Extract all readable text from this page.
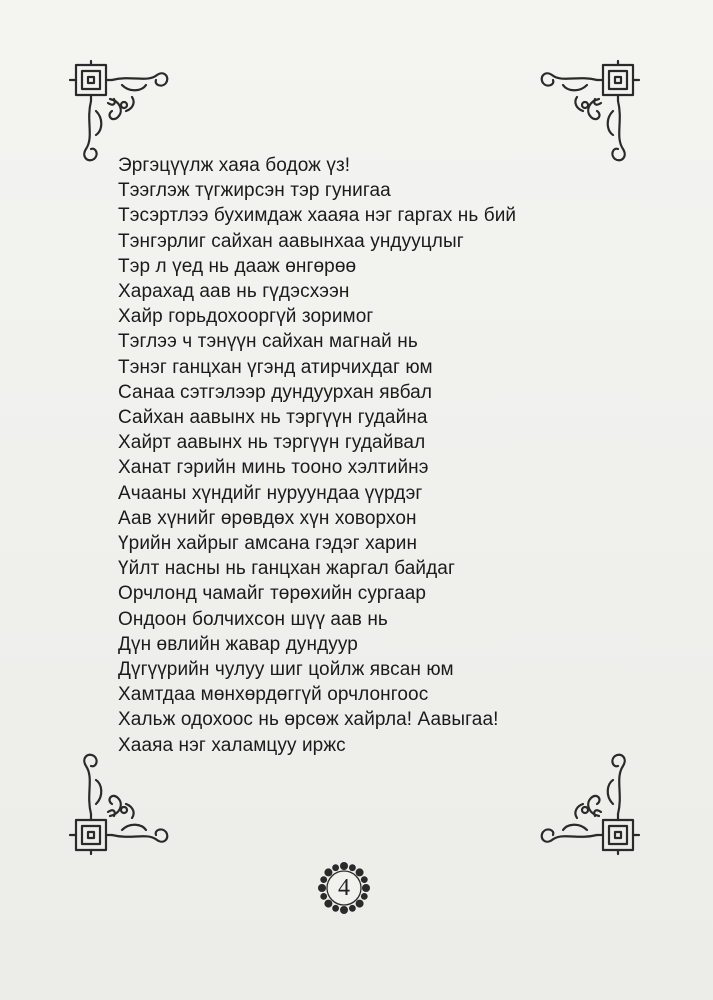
Эргэцүүлж хаяа бодож үз!
Тээглэж түгжирсэн тэр гунигаа
Тэсэртлээ бухимдаж хааяа нэг гаргах нь бий
Тэнгэрлиг сайхан аавынхаа ундууцлыг
Тэр л үед нь дааж өнгөрөө
Харахад аав нь гүдэсхээн
Хайр горьдохооргүй зоримог
Тэглээ ч тэнүүн сайхан магнай нь
Тэнэг ганцхан үгэнд атирчихдаг юм
Санаа сэтгэлээр дундуурхан явбал
Сайхан аавынх нь тэргүүн гудайна
Хайрт аавынх нь тэргүүн гудайвал
Ханат гэрийн минь тооно хэлтийнэ
Ачааны хүндийг нуруундаа үүрдэг
Аав хүнийг өрөвдөх хүн ховорхон
Үрийн хайрыг амсана гэдэг харин
Үйлт насны нь ганцхан жаргал байдаг
Орчлонд чамайг төрөхийн сургаар
Ондоон болчихсон шүү аав нь
Дүн өвлийн жавар дундуур
Дүгүүрийн чулуу шиг цойлж явсан юм
Хамтдаа мөнхөрдөггүй орчлонгоос
Хальж одохоос нь өрсөж хайрла! Аавыгаа!
Хааяа нэг халамцуу иржс
4
